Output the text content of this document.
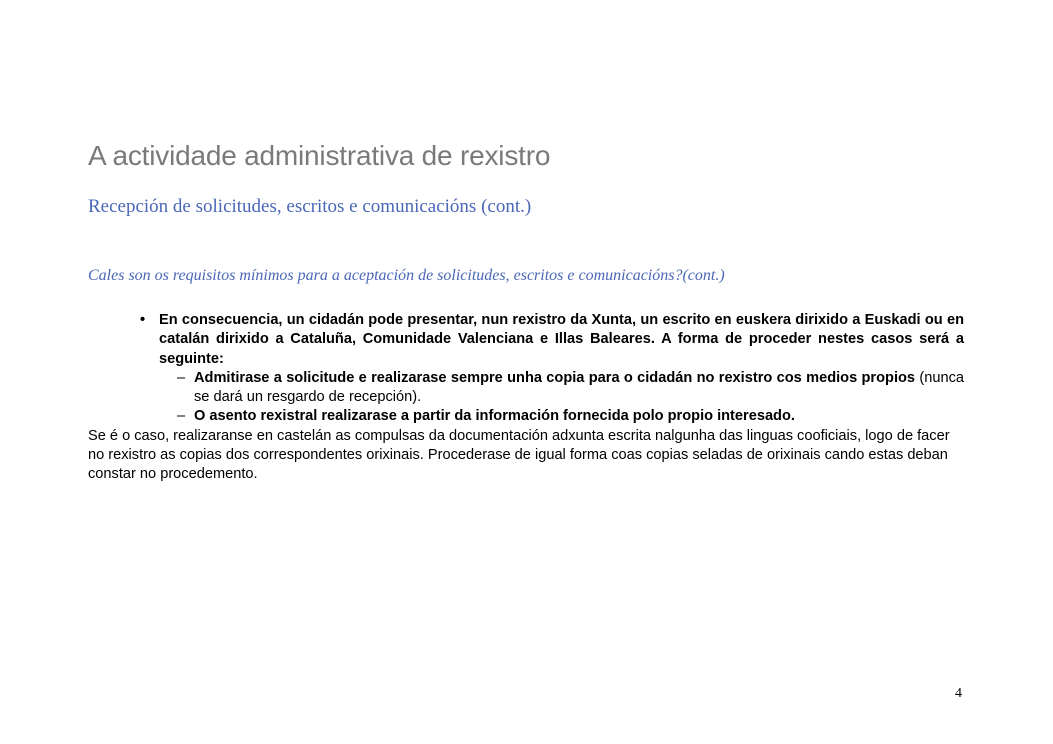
A actividade administrativa de rexistro
Recepción de solicitudes, escritos e comunicacións (cont.)
Cales son os requisitos mínimos para a aceptación de solicitudes, escritos e comunicacións?(cont.)
• En consecuencia, un cidadán pode presentar, nun rexistro da Xunta, un escrito en euskera dirixido a Euskadi ou en catalán dirixido a Cataluña, Comunidade Valenciana e Illas Baleares. A forma de proceder nestes casos será a seguinte:
– Admitirase a solicitude e realizarase sempre unha copia para o cidadán no rexistro cos medios propios (nunca se dará un resgardo de recepción).
– O asento rexistral realizarase a partir da información fornecida polo propio interesado.
Se é o caso, realizaranse en castelán as compulsas da documentación adxunta escrita nalgunha das linguas cooficiais, logo de facer no rexistro as copias dos correspondentes orixinais. Procederase de igual forma coas copias seladas de orixinais cando estas deban constar no procedemento.
4
